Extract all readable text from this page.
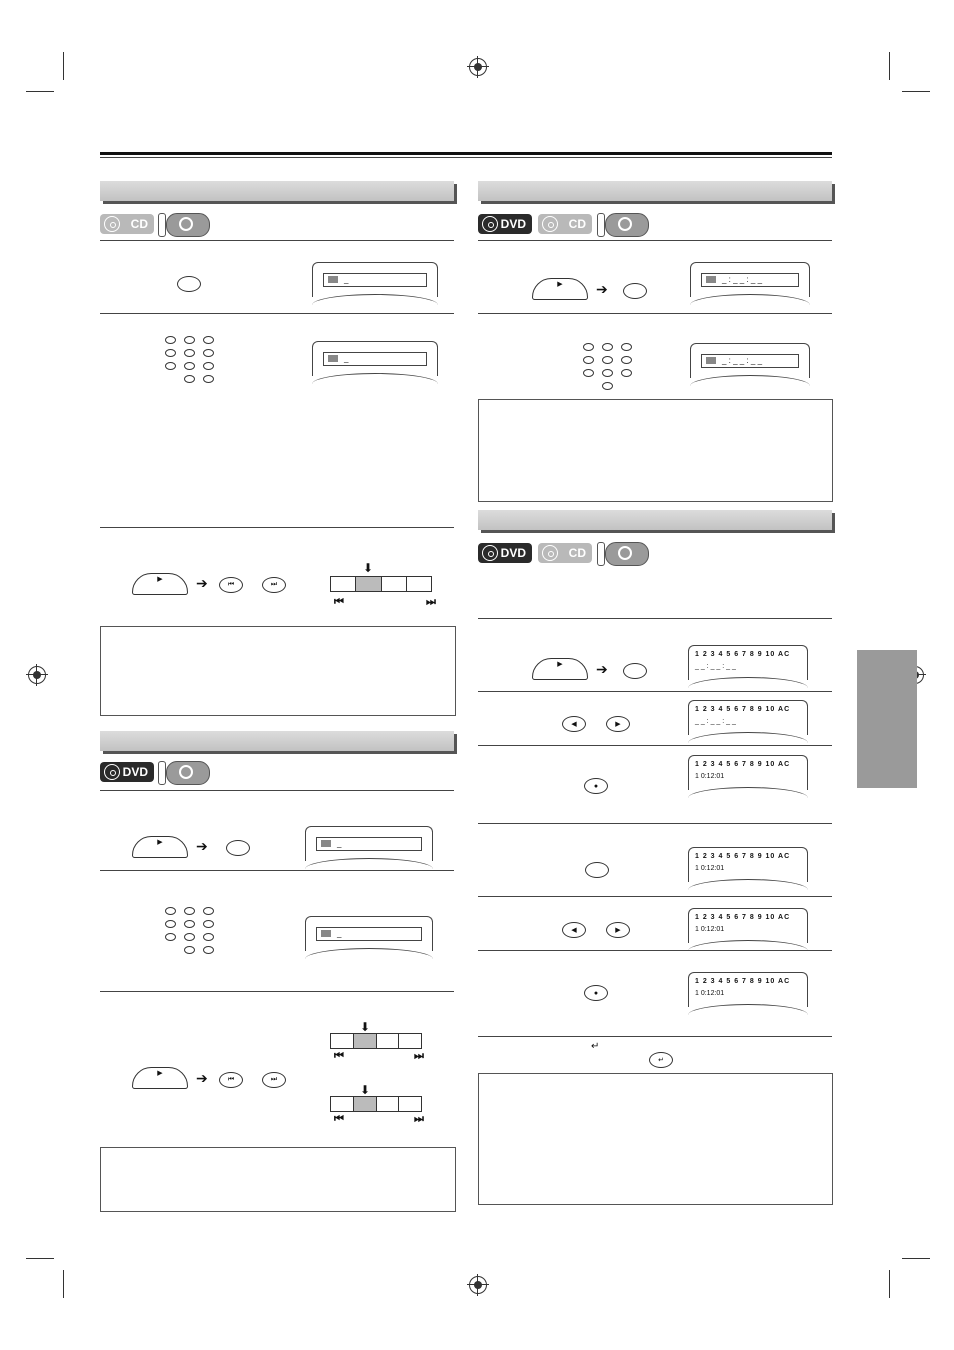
CD
_
_
▶	➔	⏮	⏭
⬇
⏮	⏭
DVD
▶	➔	_
_
⬇
⏮	⏭
▶	➔	⏮	⏭
⬇
⏮	⏭
DVD	CD
▶	➔
_ : _ _ : _ _
_ : _ _ : _ _
DVD	CD
▶	➔
1 2 3 4 5 6 7 8 9 10 AC
_ _ : _ _ : _ _
◀	▶
1 2 3 4 5 6 7 8 9 10 AC
_ _ : _ _ : _ _
●
1 2 3 4 5 6 7 8 9 10 AC
1 0:12:01
1 2 3 4 5 6 7 8 9 10 AC
1 0:12:01
◀	▶
1 2 3 4 5 6 7 8 9 10 AC
1 0:12:01
●
1 2 3 4 5 6 7 8 9 10 AC
1 0:12:01
↵
↵
